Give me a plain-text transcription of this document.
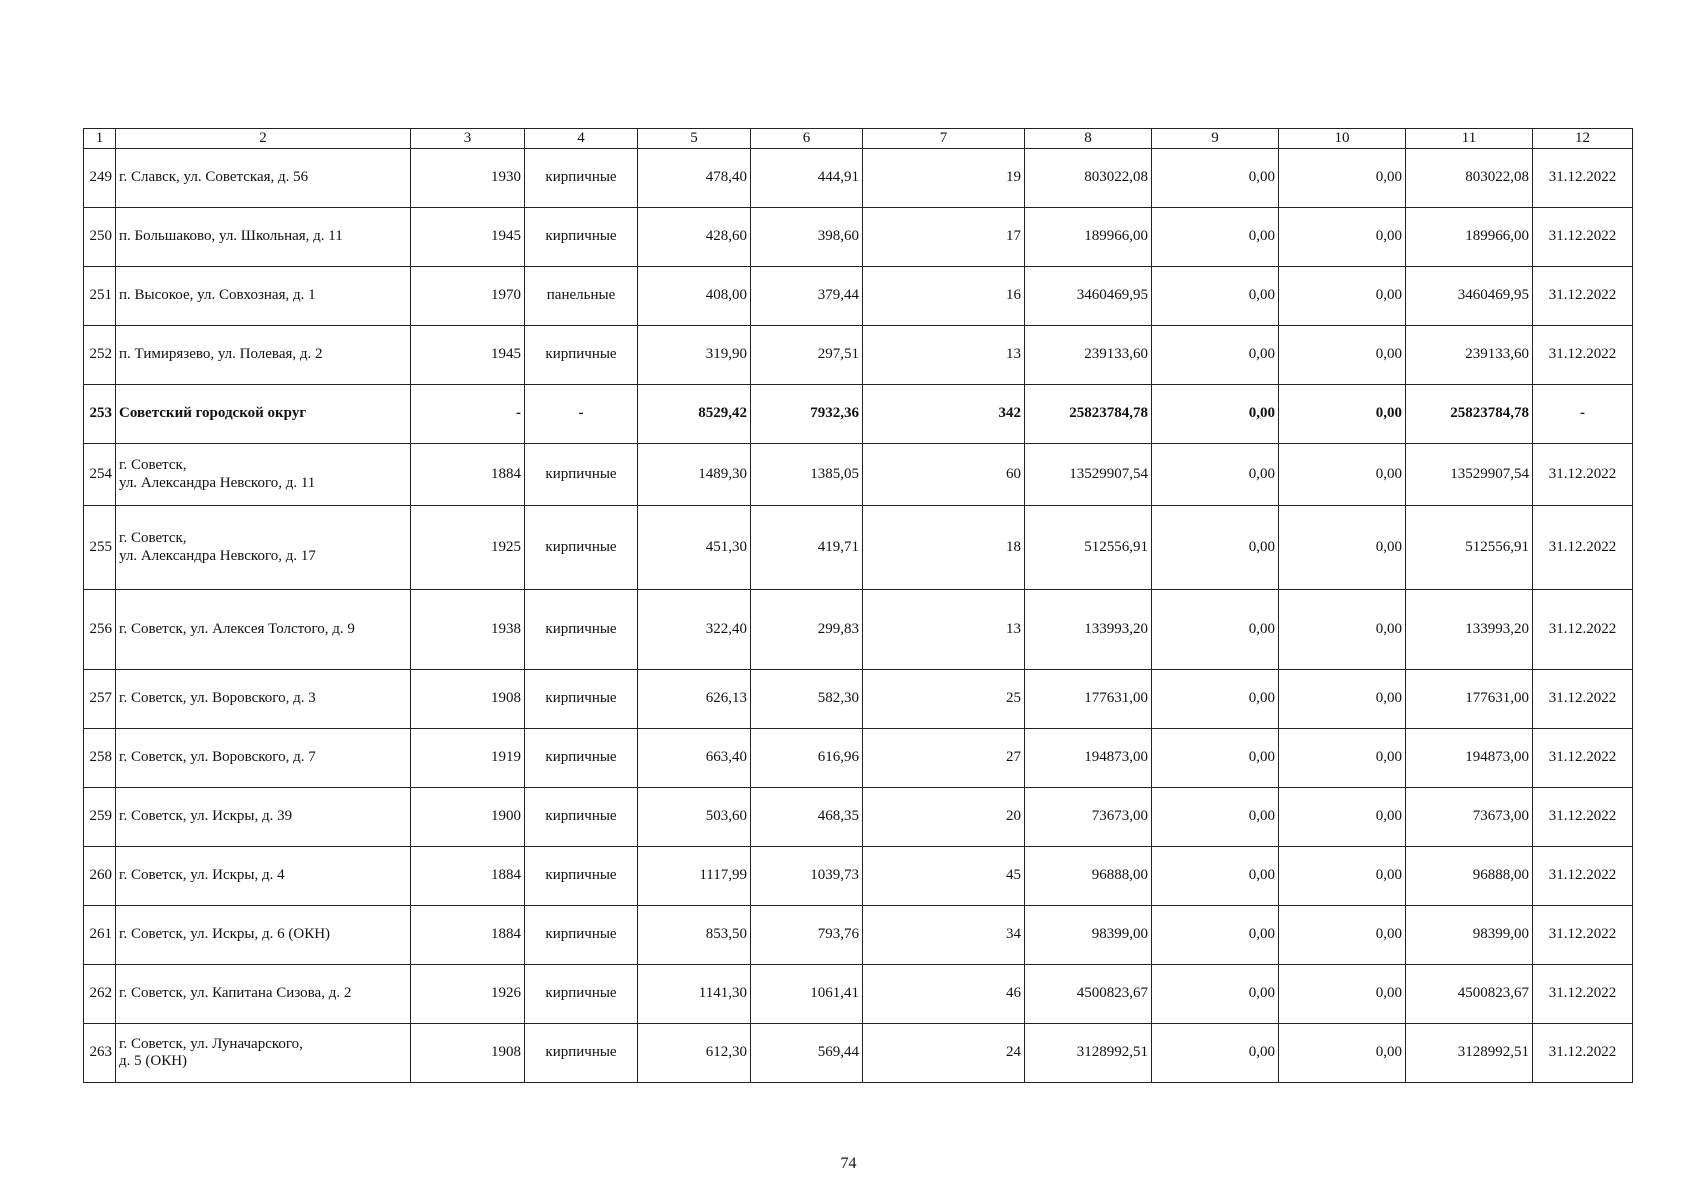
1	2	3	4	5	6	7	8	9	10	11	12
249	г. Славск, ул. Советская, д. 56	1930	кирпичные	478,40	444,91	19	803022,08	0,00	0,00	803022,08	31.12.2022
250	п. Большаково, ул. Школьная, д. 11	1945	кирпичные	428,60	398,60	17	189966,00	0,00	0,00	189966,00	31.12.2022
251	п. Высокое, ул. Совхозная, д. 1	1970	панельные	408,00	379,44	16	3460469,95	0,00	0,00	3460469,95	31.12.2022
252	п. Тимирязево, ул. Полевая, д. 2	1945	кирпичные	319,90	297,51	13	239133,60	0,00	0,00	239133,60	31.12.2022
253	Советский городской округ	-	-	8529,42	7932,36	342	25823784,78	0,00	0,00	25823784,78	-
254	г. Советск,
ул. Александра Невского, д. 11	1884	кирпичные	1489,30	1385,05	60	13529907,54	0,00	0,00	13529907,54	31.12.2022
255	г. Советск,
ул. Александра Невского, д. 17	1925	кирпичные	451,30	419,71	18	512556,91	0,00	0,00	512556,91	31.12.2022
256	г. Советск, ул. Алексея Толстого, д. 9	1938	кирпичные	322,40	299,83	13	133993,20	0,00	0,00	133993,20	31.12.2022
257	г. Советск, ул. Воровского, д. 3	1908	кирпичные	626,13	582,30	25	177631,00	0,00	0,00	177631,00	31.12.2022
258	г. Советск, ул. Воровского, д. 7	1919	кирпичные	663,40	616,96	27	194873,00	0,00	0,00	194873,00	31.12.2022
259	г. Советск, ул. Искры, д. 39	1900	кирпичные	503,60	468,35	20	73673,00	0,00	0,00	73673,00	31.12.2022
260	г. Советск, ул. Искры, д. 4	1884	кирпичные	1117,99	1039,73	45	96888,00	0,00	0,00	96888,00	31.12.2022
261	г. Советск, ул. Искры, д. 6 (ОКН)	1884	кирпичные	853,50	793,76	34	98399,00	0,00	0,00	98399,00	31.12.2022
262	г. Советск, ул. Капитана Сизова, д. 2	1926	кирпичные	1141,30	1061,41	46	4500823,67	0,00	0,00	4500823,67	31.12.2022
263	г. Советск, ул. Луначарского,
д. 5 (ОКН)	1908	кирпичные	612,30	569,44	24	3128992,51	0,00	0,00	3128992,51	31.12.2022
74
